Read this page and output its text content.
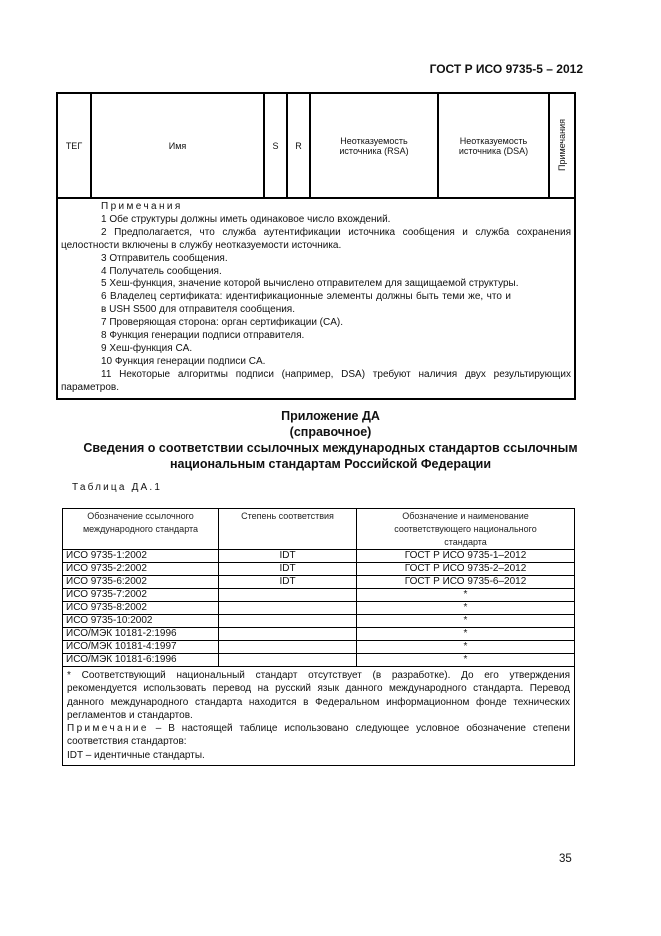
ГОСТ Р ИСО 9735-5 – 2012
ТЕГ	Имя	S	R	Неотказуемость источника (RSA)	Неотказуемость источника (DSA)	Примечания

Примечания

1 Обе структуры должны иметь одинаковое число вхождений.

2 Предполагается, что служба аутентификации источника сообщения и служба сохранения целостности включены в службу неотказуемости источника.

3 Отправитель сообщения.

4 Получатель сообщения.

5 Хеш-функция, значение которой вычислено отправителем для защищаемой структуры.

6 Владелец сертификата: идентификационные элементы должны быть теми же, что и в USH S500 для отправителя сообщения.

7 Проверяющая сторона: орган сертификации (CA).

8 Функция генерации подписи отправителя.

9 Хеш-функция CA.

10 Функция генерации подписи CA.

11 Некоторые алгоритмы подписи (например, DSA) требуют наличия двух результирующих параметров.

Приложение ДА
(справочное)
Сведения о соответствии ссылочных международных стандартов ссылочным
национальным стандартам Российской Федерации
Таблица ДА.1
Обозначение ссылочного международного стандарта	Степень соответствия	Обозначение и наименование соответствующего национального стандарта
ИСО 9735-1:2002	IDT	ГОСТ Р ИСО 9735-1–2012
ИСО 9735-2:2002	IDT	ГОСТ Р ИСО 9735-2–2012
ИСО 9735-6:2002	IDT	ГОСТ Р ИСО 9735-6–2012
ИСО 9735-7:2002		*
ИСО 9735-8:2002		*
ИСО 9735-10:2002		*
ИСО/МЭК 10181-2:1996		*
ИСО/МЭК 10181-4:1997		*
ИСО/МЭК 10181-6:1996		*

* Соответствующий национальный стандарт отсутствует (в разработке). До его утверждения рекомендуется использовать перевод на русский язык данного международного стандарта. Перевод данного международного стандарта находится в Федеральном информационном фонде технических регламентов и стандартов.

Примечание – В настоящей таблице использовано следующее условное обозначение степени соответствия стандартов:

IDT – идентичные стандарты.		

35
